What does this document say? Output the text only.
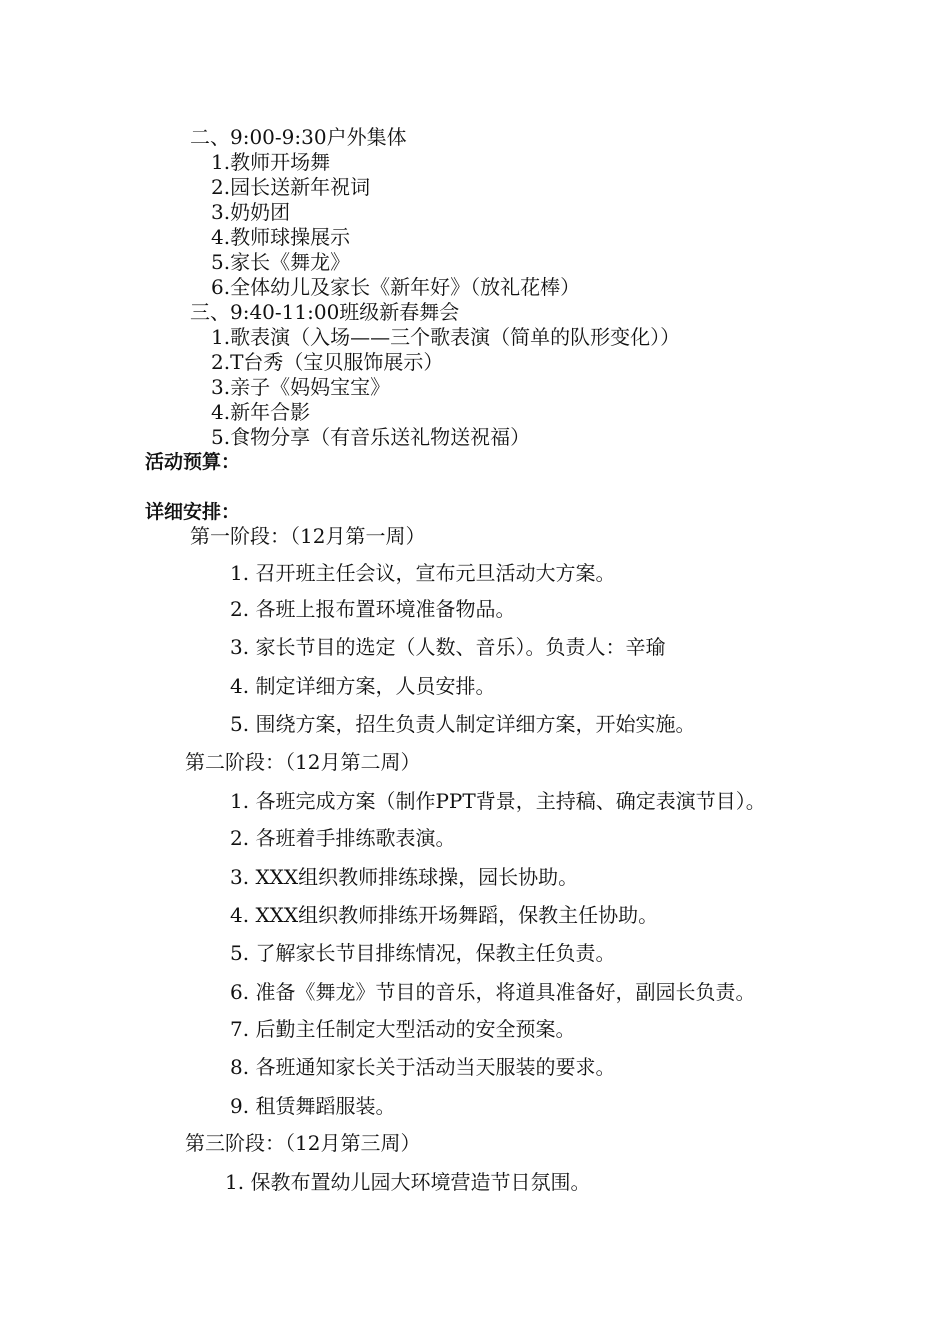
二、9:00-9:30户外集体
1.教师开场舞
2.园长送新年祝词
3.奶奶团
4.教师球操展示
5.家长《舞龙》
6.全体幼儿及家长《新年好》（放礼花棒）
三、9:40-11:00班级新春舞会
1.歌表演（入场——三个歌表演（简单的队形变化））
2.T台秀（宝贝服饰展示）
3.亲子《妈妈宝宝》
4.新年合影
5.食物分享（有音乐送礼物送祝福）
活动预算：
详细安排：
第一阶段：（12月第一周）
1. 召开班主任会议，宣布元旦活动大方案。
2. 各班上报布置环境准备物品。
3. 家长节目的选定（人数、音乐）。负责人：辛瑜
4. 制定详细方案，人员安排。
5. 围绕方案，招生负责人制定详细方案，开始实施。
第二阶段：（12月第二周）
1. 各班完成方案（制作PPT背景，主持稿、确定表演节目）。
2. 各班着手排练歌表演。
3. XXX组织教师排练球操，园长协助。
4. XXX组织教师排练开场舞蹈，保教主任协助。
5. 了解家长节目排练情况，保教主任负责。
6. 准备《舞龙》节目的音乐，将道具准备好，副园长负责。
7. 后勤主任制定大型活动的安全预案。
8. 各班通知家长关于活动当天服装的要求。
9. 租赁舞蹈服装。
第三阶段：（12月第三周）
1. 保教布置幼儿园大环境营造节日氛围。
